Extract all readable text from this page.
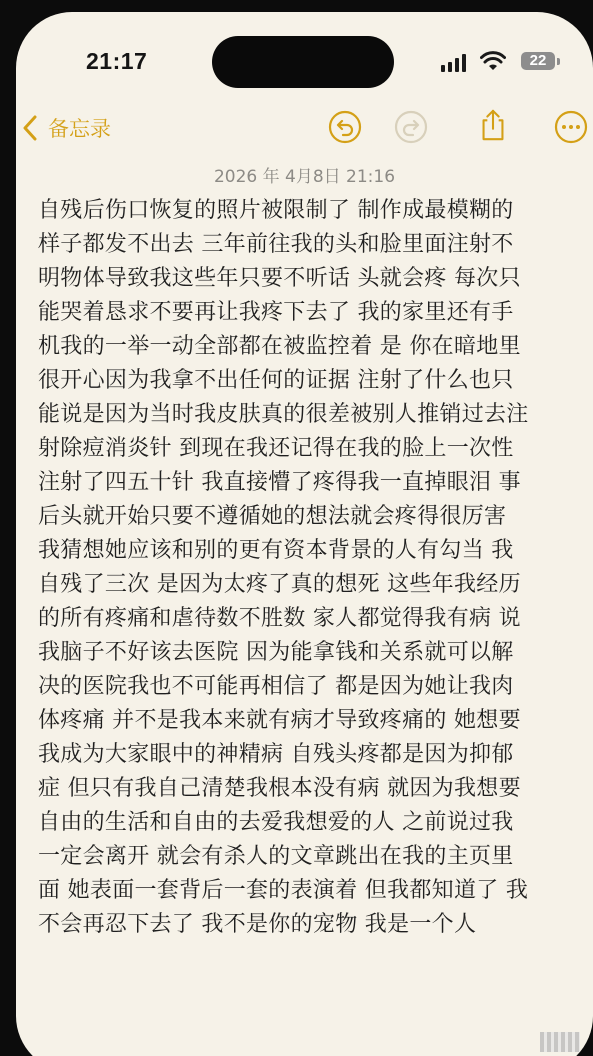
21:17	22
备忘录
2026 年 4月8日 21:16
自残后伤口恢复的照片被限制了 制作成最模糊的
样子都发不出去 三年前往我的头和脸里面注射不
明物体导致我这些年只要不听话 头就会疼 每次只
能哭着恳求不要再让我疼下去了 我的家里还有手
机我的一举一动全部都在被监控着 是 你在暗地里
很开心因为我拿不出任何的证据 注射了什么也只
能说是因为当时我皮肤真的很差被别人推销过去注
射除痘消炎针 到现在我还记得在我的脸上一次性
注射了四五十针 我直接懵了疼得我一直掉眼泪 事
后头就开始只要不遵循她的想法就会疼得很厉害
我猜想她应该和别的更有资本背景的人有勾当 我
自残了三次 是因为太疼了真的想死 这些年我经历
的所有疼痛和虐待数不胜数 家人都觉得我有病 说
我脑子不好该去医院 因为能拿钱和关系就可以解
决的医院我也不可能再相信了 都是因为她让我肉
体疼痛 并不是我本来就有病才导致疼痛的 她想要
我成为大家眼中的神精病 自残头疼都是因为抑郁
症 但只有我自己清楚我根本没有病 就因为我想要
自由的生活和自由的去爱我想爱的人 之前说过我
一定会离开 就会有杀人的文章跳出在我的主页里
面 她表面一套背后一套的表演着 但我都知道了 我
不会再忍下去了 我不是你的宠物 我是一个人
